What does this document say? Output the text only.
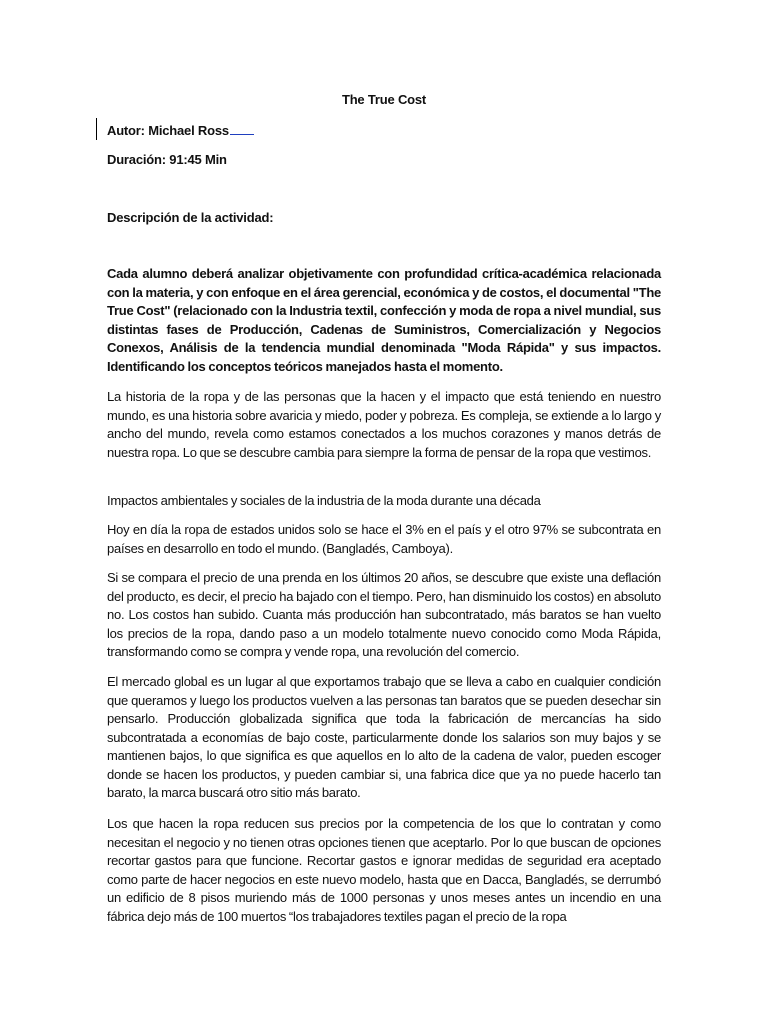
The True Cost
Autor: Michael Ross
Duración: 91:45 Min
Descripción de la actividad:

Cada alumno deberá analizar objetivamente con profundidad crítica-académica relacionada con la materia, y con enfoque en el área gerencial, económica y de costos, el documental "The True Cost" (relacionado con la Industria textil, confección y moda de ropa a nivel mundial, sus distintas fases de Producción, Cadenas de Suministros, Comercialización y Negocios Conexos, Análisis de la tendencia mundial denominada "Moda Rápida" y sus impactos. Identificando los conceptos teóricos manejados hasta el momento.

La historia de la ropa y de las personas que la hacen y el impacto que está teniendo en nuestro mundo, es una historia sobre avaricia y miedo, poder y pobreza. Es compleja, se extiende a lo largo y ancho del mundo, revela como estamos conectados a los muchos corazones y manos detrás de nuestra ropa. Lo que se descubre cambia para siempre la forma de pensar de la ropa que vestimos.

Impactos ambientales y sociales de la industria de la moda durante una década

Hoy en día la ropa de estados unidos solo se hace el 3% en el país y el otro 97% se subcontrata en países en desarrollo en todo el mundo. (Bangladés, Camboya).

Si se compara el precio de una prenda en los últimos 20 años, se descubre que existe una deflación del producto, es decir, el precio ha bajado con el tiempo. Pero, han disminuido los costos) en absoluto no. Los costos han subido. Cuanta más producción han subcontratado, más baratos se han vuelto los precios de la ropa, dando paso a un modelo totalmente nuevo conocido como Moda Rápida, transformando como se compra y vende ropa, una revolución del comercio.

El mercado global es un lugar al que exportamos trabajo que se lleva a cabo en cualquier condición que queramos y luego los productos vuelven a las personas tan baratos que se pueden desechar sin pensarlo. Producción globalizada significa que toda la fabricación de mercancías ha sido subcontratada a economías de bajo coste, particularmente donde los salarios son muy bajos y se mantienen bajos, lo que significa es que aquellos en lo alto de la cadena de valor, pueden escoger donde se hacen los productos, y pueden cambiar si, una fabrica dice que ya no puede hacerlo tan barato, la marca buscará otro sitio más barato.

Los que hacen la ropa reducen sus precios por la competencia de los que lo contratan y como necesitan el negocio y no tienen otras opciones tienen que aceptarlo. Por lo que buscan de opciones recortar gastos para que funcione. Recortar gastos e ignorar medidas de seguridad era aceptado como parte de hacer negocios en este nuevo modelo, hasta que en Dacca, Bangladés, se derrumbó un edificio de 8 pisos muriendo más de 1000 personas y unos meses antes un incendio en una fábrica dejo más de 100 muertos “los trabajadores textiles pagan el precio de la ropa
